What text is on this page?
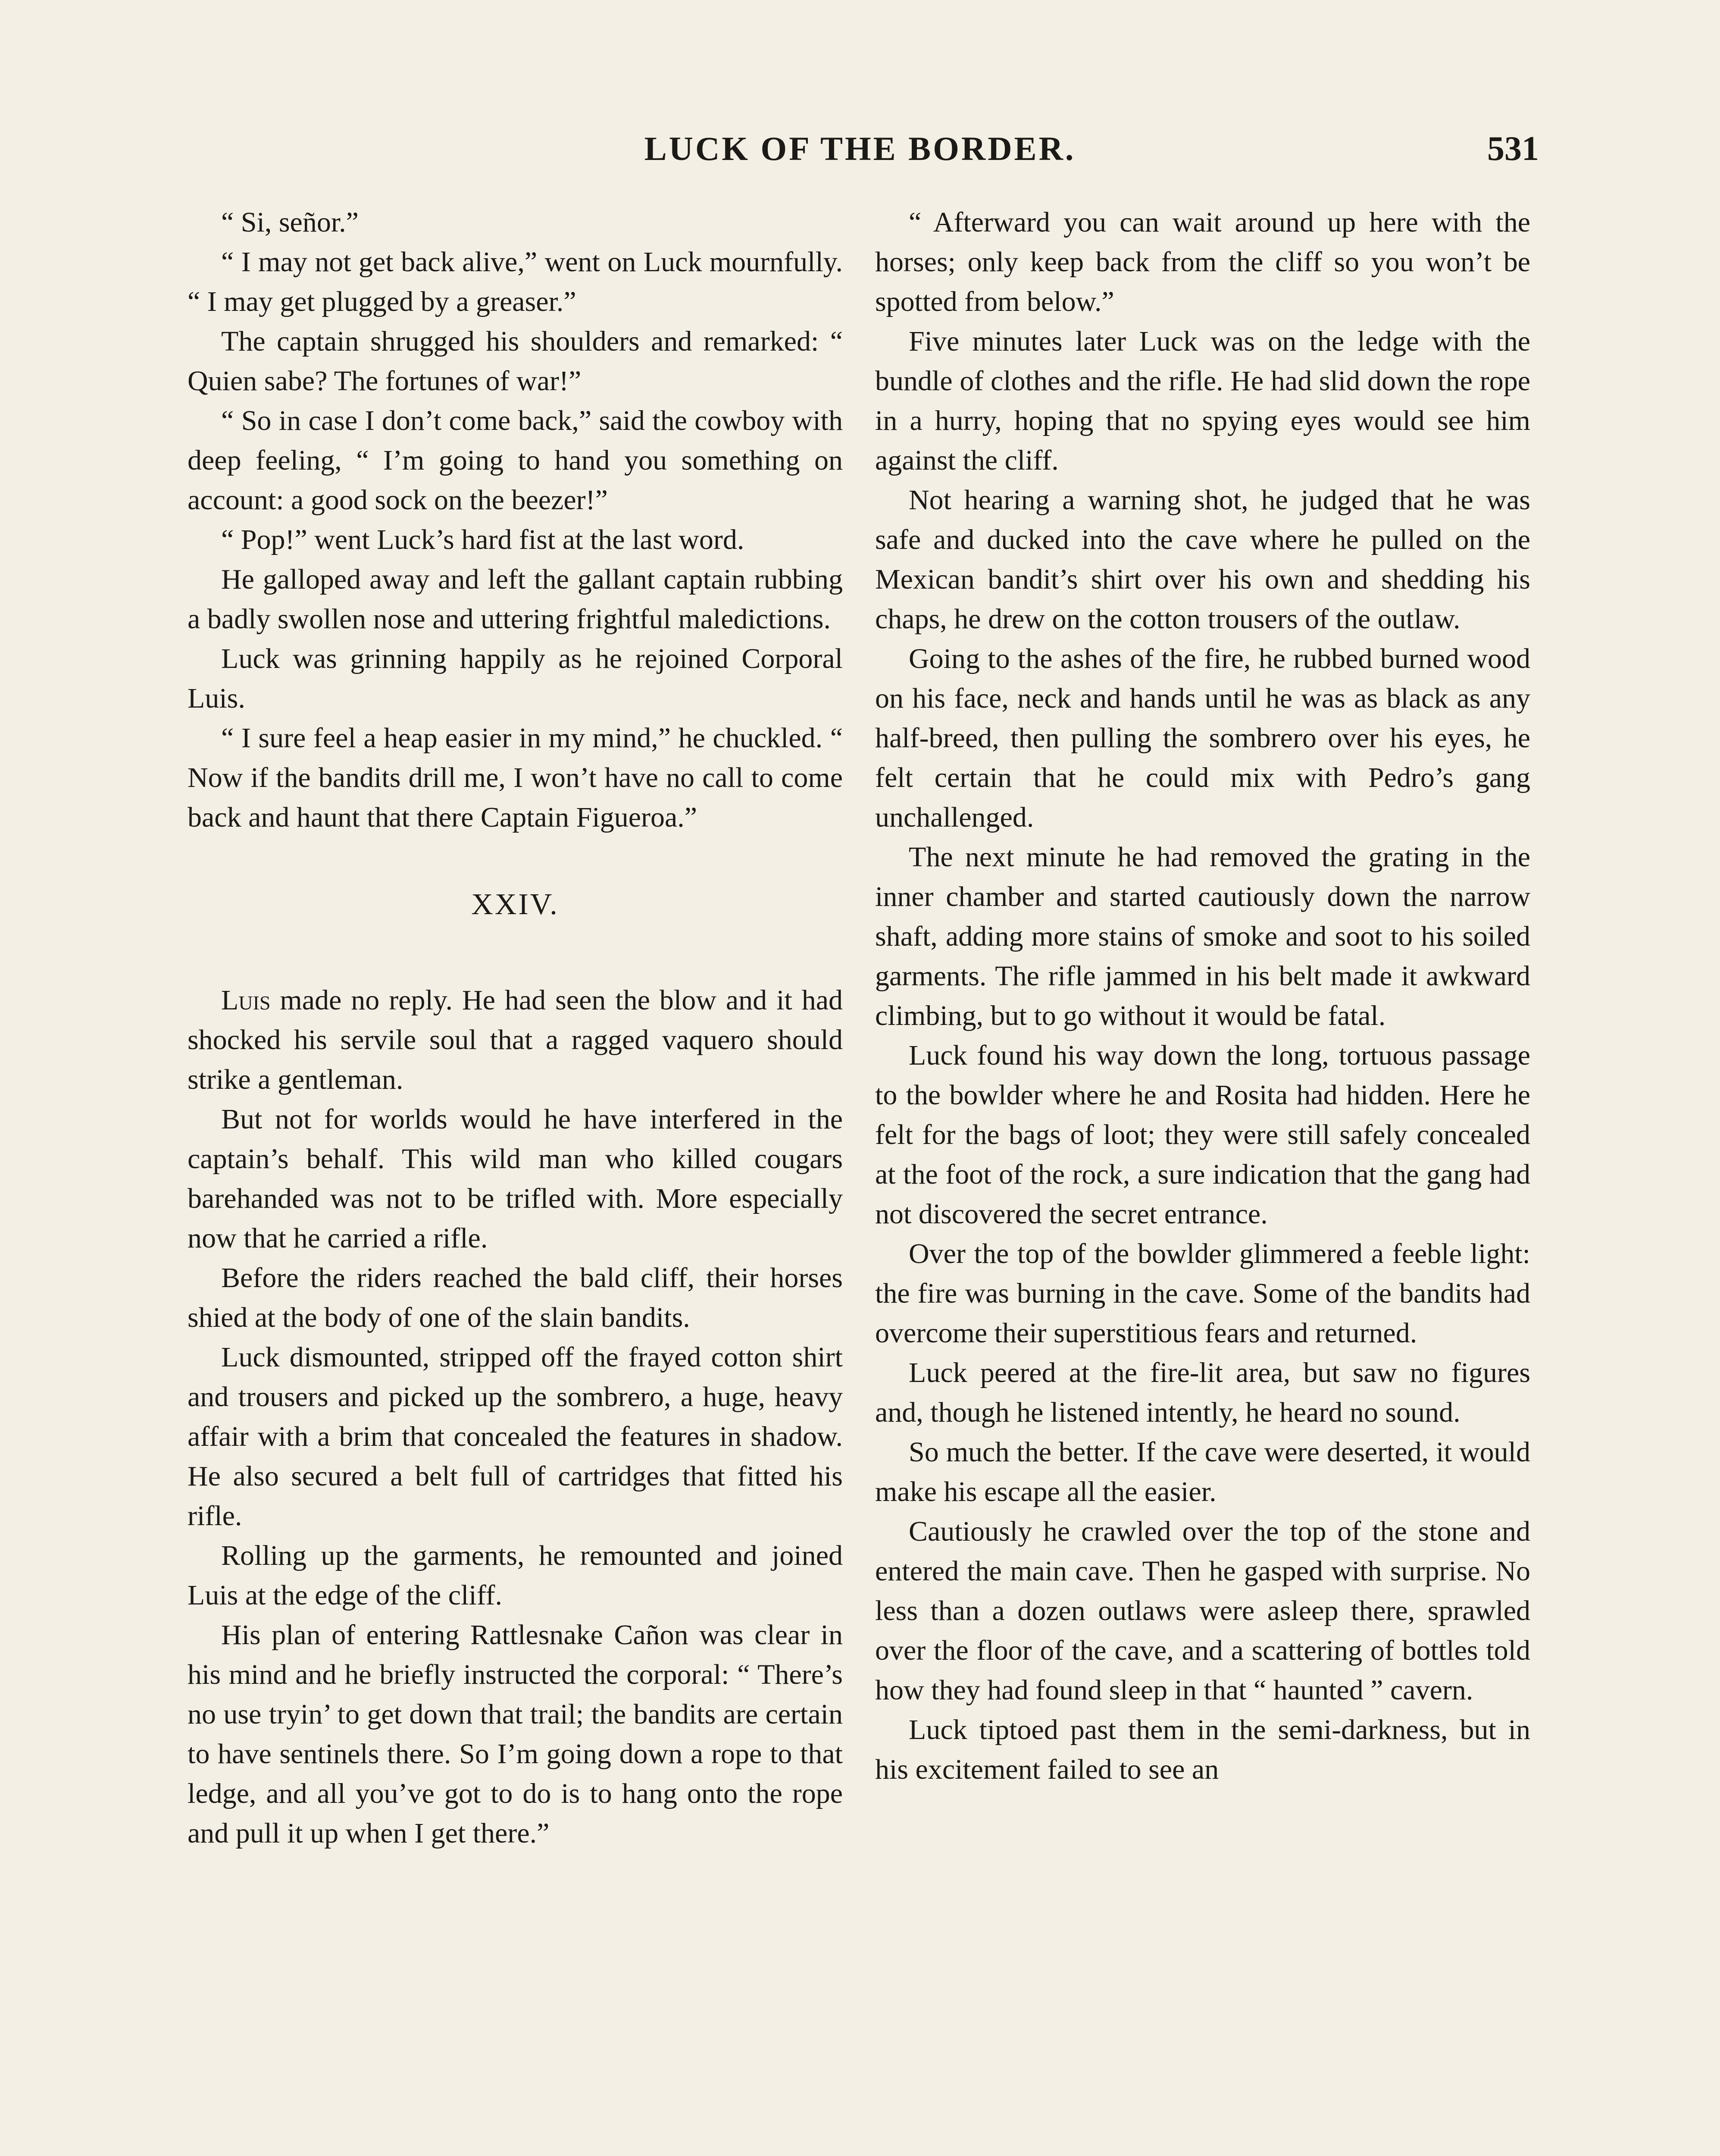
LUCK OF THE BORDER.	531

“ Si, señor.”

“ I may not get back alive,” went on Luck mournfully. “ I may get plugged by a greaser.”

The captain shrugged his shoulders and remarked: “ Quien sabe? The fortunes of war!”

“ So in case I don’t come back,” said the cowboy with deep feeling, “ I’m going to hand you something on account: a good sock on the beezer!”

“ Pop!” went Luck’s hard fist at the last word.

He galloped away and left the gallant captain rubbing a badly swollen nose and uttering frightful maledictions.

Luck was grinning happily as he rejoined Corporal Luis.

“ I sure feel a heap easier in my mind,” he chuckled. “ Now if the bandits drill me, I won’t have no call to come back and haunt that there Captain Figueroa.”

XXIV.

Luis made no reply. He had seen the blow and it had shocked his servile soul that a ragged vaquero should strike a gentleman.

But not for worlds would he have interfered in the captain’s behalf. This wild man who killed cougars barehanded was not to be trifled with. More especially now that he carried a rifle.

Before the riders reached the bald cliff, their horses shied at the body of one of the slain bandits.

Luck dismounted, stripped off the frayed cotton shirt and trousers and picked up the sombrero, a huge, heavy affair with a brim that concealed the features in shadow. He also secured a belt full of cartridges that fitted his rifle.

Rolling up the garments, he remounted and joined Luis at the edge of the cliff.

His plan of entering Rattlesnake Cañon was clear in his mind and he briefly instructed the corporal: “ There’s no use tryin’ to get down that trail; the bandits are certain to have sentinels there. So I’m going down a rope to that ledge, and all you’ve got to do is to hang onto the rope and pull it up when I get there.”

“ Afterward you can wait around up here with the horses; only keep back from the cliff so you won’t be spotted from below.”

Five minutes later Luck was on the ledge with the bundle of clothes and the rifle. He had slid down the rope in a hurry, hoping that no spying eyes would see him against the cliff.

Not hearing a warning shot, he judged that he was safe and ducked into the cave where he pulled on the Mexican bandit’s shirt over his own and shedding his chaps, he drew on the cotton trousers of the outlaw.

Going to the ashes of the fire, he rubbed burned wood on his face, neck and hands until he was as black as any half-breed, then pulling the sombrero over his eyes, he felt certain that he could mix with Pedro’s gang unchallenged.

The next minute he had removed the grating in the inner chamber and started cautiously down the narrow shaft, adding more stains of smoke and soot to his soiled garments. The rifle jammed in his belt made it awkward climbing, but to go without it would be fatal.

Luck found his way down the long, tortuous passage to the bowlder where he and Rosita had hidden. Here he felt for the bags of loot; they were still safely concealed at the foot of the rock, a sure indication that the gang had not discovered the secret entrance.

Over the top of the bowlder glimmered a feeble light: the fire was burning in the cave. Some of the bandits had overcome their superstitious fears and returned.

Luck peered at the fire-lit area, but saw no figures and, though he listened intently, he heard no sound.

So much the better. If the cave were deserted, it would make his escape all the easier.

Cautiously he crawled over the top of the stone and entered the main cave. Then he gasped with surprise. No less than a dozen outlaws were asleep there, sprawled over the floor of the cave, and a scattering of bottles told how they had found sleep in that “ haunted ” cavern.

Luck tiptoed past them in the semi-darkness, but in his excitement failed to see an
